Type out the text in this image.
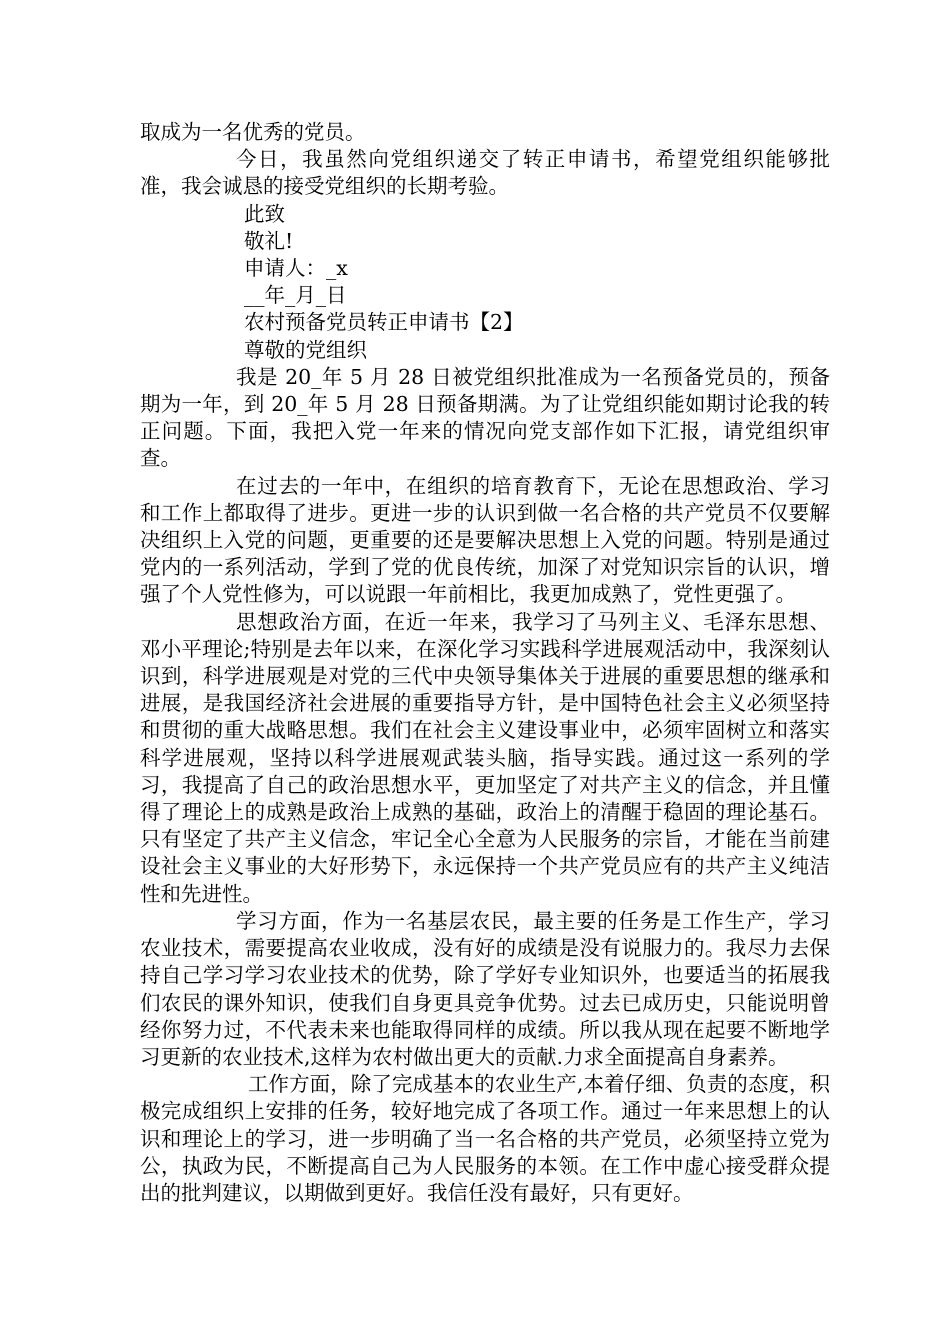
取成为一名优秀的党员。

今日，我虽然向党组织递交了转正申请书，希望党组织能够批准，我会诚恳的接受党组织的长期考验。

此致

敬礼!

申请人：_x

__年_月_日

农村预备党员转正申请书【2】

尊敬的党组织

我是 20_年 5 月 28 日被党组织批准成为一名预备党员的，预备期为一年，到 20_年 5 月 28 日预备期满。为了让党组织能如期讨论我的转正问题。下面，我把入党一年来的情况向党支部作如下汇报，请党组织审查。

在过去的一年中，在组织的培育教育下，无论在思想政治、学习和工作上都取得了进步。更进一步的认识到做一名合格的共产党员不仅要解决组织上入党的问题，更重要的还是要解决思想上入党的问题。特别是通过党内的一系列活动，学到了党的优良传统，加深了对党知识宗旨的认识，增强了个人党性修为，可以说跟一年前相比，我更加成熟了，党性更强了。

思想政治方面，在近一年来，我学习了马列主义、毛泽东思想、邓小平理论;特别是去年以来，在深化学习实践科学进展观活动中，我深刻认识到，科学进展观是对党的三代中央领导集体关于进展的重要思想的继承和进展，是我国经济社会进展的重要指导方针，是中国特色社会主义必须坚持和贯彻的重大战略思想。我们在社会主义建设事业中，必须牢固树立和落实科学进展观，坚持以科学进展观武装头脑，指导实践。通过这一系列的学习，我提高了自己的政治思想水平，更加坚定了对共产主义的信念，并且懂得了理论上的成熟是政治上成熟的基础，政治上的清醒于稳固的理论基石。只有坚定了共产主义信念，牢记全心全意为人民服务的宗旨，才能在当前建设社会主义事业的大好形势下，永远保持一个共产党员应有的共产主义纯洁性和先进性。

学习方面，作为一名基层农民，最主要的任务是工作生产，学习农业技术，需要提高农业收成，没有好的成绩是没有说服力的。我尽力去保持自己学习学习农业技术的优势，除了学好专业知识外，也要适当的拓展我们农民的课外知识，使我们自身更具竞争优势。过去已成历史，只能说明曾经你努力过，不代表未来也能取得同样的成绩。所以我从现在起要不断地学习更新的农业技术,这样为农村做出更大的贡献.力求全面提高自身素养。

工作方面，除了完成基本的农业生产,本着仔细、负责的态度，积极完成组织上安排的任务，较好地完成了各项工作。通过一年来思想上的认识和理论上的学习，进一步明确了当一名合格的共产党员，必须坚持立党为公，执政为民，不断提高自己为人民服务的本领。在工作中虚心接受群众提出的批判建议，以期做到更好。我信任没有最好，只有更好。
